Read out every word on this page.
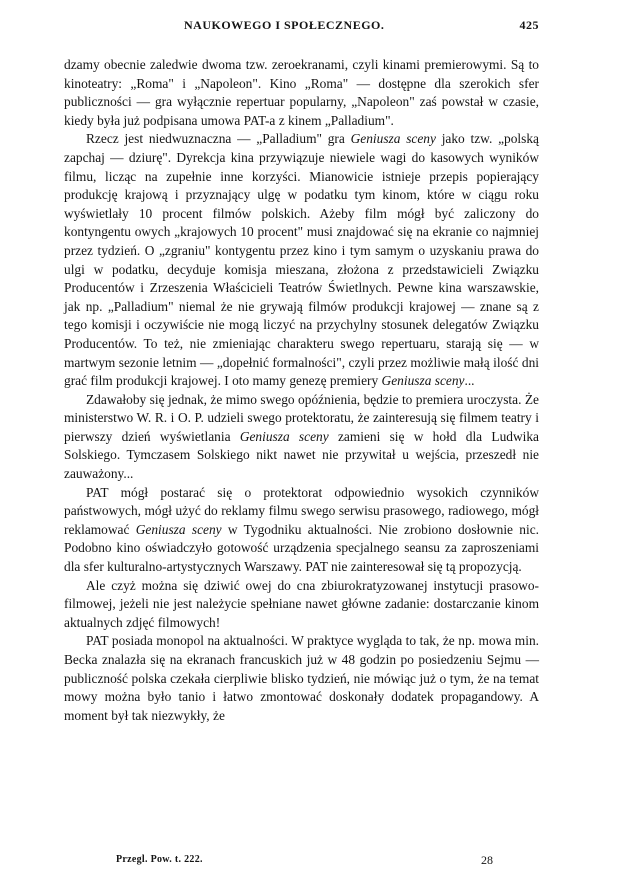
NAUKOWEGO I SPOŁECZNEGO.	425

dzamy obecnie zaledwie dwoma tzw. zeroekranami, czyli kinami premierowymi. Są to kinoteatry: „Roma" i „Napoleon". Kino „Roma" — dostępne dla szerokich sfer publiczności — gra wyłącznie repertuar popularny, „Napoleon" zaś powstał w czasie, kiedy była już podpisana umowa PAT-a z kinem „Palladium".

Rzecz jest niedwuznaczna — „Palladium" gra Geniusza sceny jako tzw. „polską zapchaj — dziurę". Dyrekcja kina przywiązuje niewiele wagi do kasowych wyników filmu, licząc na zupełnie inne korzyści. Mianowicie istnieje przepis popierający produkcję krajową i przyznający ulgę w podatku tym kinom, które w ciągu roku wyświetlały 10 procent filmów polskich. Ażeby film mógł być zaliczony do kontyngentu owych „krajowych 10 procent" musi znajdować się na ekranie co najmniej przez tydzień. O „zgraniu" kontygentu przez kino i tym samym o uzyskaniu prawa do ulgi w podatku, decyduje komisja mieszana, złożona z przedstawicieli Związku Producentów i Zrzeszenia Właścicieli Teatrów Świetlnych. Pewne kina warszawskie, jak np. „Palladium" niemal że nie grywają filmów produkcji krajowej — znane są z tego komisji i oczywiście nie mogą liczyć na przychylny stosunek delegatów Związku Producentów. To też, nie zmieniając charakteru swego repertuaru, starają się — w martwym sezonie letnim — „dopełnić formalności", czyli przez możliwie małą ilość dni grać film produkcji krajowej. I oto mamy genezę premiery Geniusza sceny...

Zdawałoby się jednak, że mimo swego opóźnienia, będzie to premiera uroczysta. Że ministerstwo W. R. i O. P. udzieli swego protektoratu, że zainteresują się filmem teatry i pierwszy dzień wyświetlania Geniusza sceny zamieni się w hołd dla Ludwika Solskiego. Tymczasem Solskiego nikt nawet nie przywitał u wejścia, przeszedł nie zauważony...

PAT mógł postarać się o protektorat odpowiednio wysokich czynników państwowych, mógł użyć do reklamy filmu swego serwisu prasowego, radiowego, mógł reklamować Geniusza sceny w Tygodniku aktualności. Nie zrobiono dosłownie nic. Podobno kino oświadczyło gotowość urządzenia specjalnego seansu za zaproszeniami dla sfer kulturalno-artystycznych Warszawy. PAT nie zainteresował się tą propozycją.

Ale czyż można się dziwić owej do cna zbiurokratyzowanej instytucji prasowo-filmowej, jeżeli nie jest należycie spełniane nawet główne zadanie: dostarczanie kinom aktualnych zdjęć filmowych!

PAT posiada monopol na aktualności. W praktyce wygląda to tak, że np. mowa min. Becka znalazła się na ekranach francuskich już w 48 godzin po posiedzeniu Sejmu — publiczność polska czekała cierpliwie blisko tydzień, nie mówiąc już o tym, że na temat mowy można było tanio i łatwo zmontować doskonały dodatek propagandowy. A moment był tak niezwykły, że

Przegl. Pow. t. 222.	28
